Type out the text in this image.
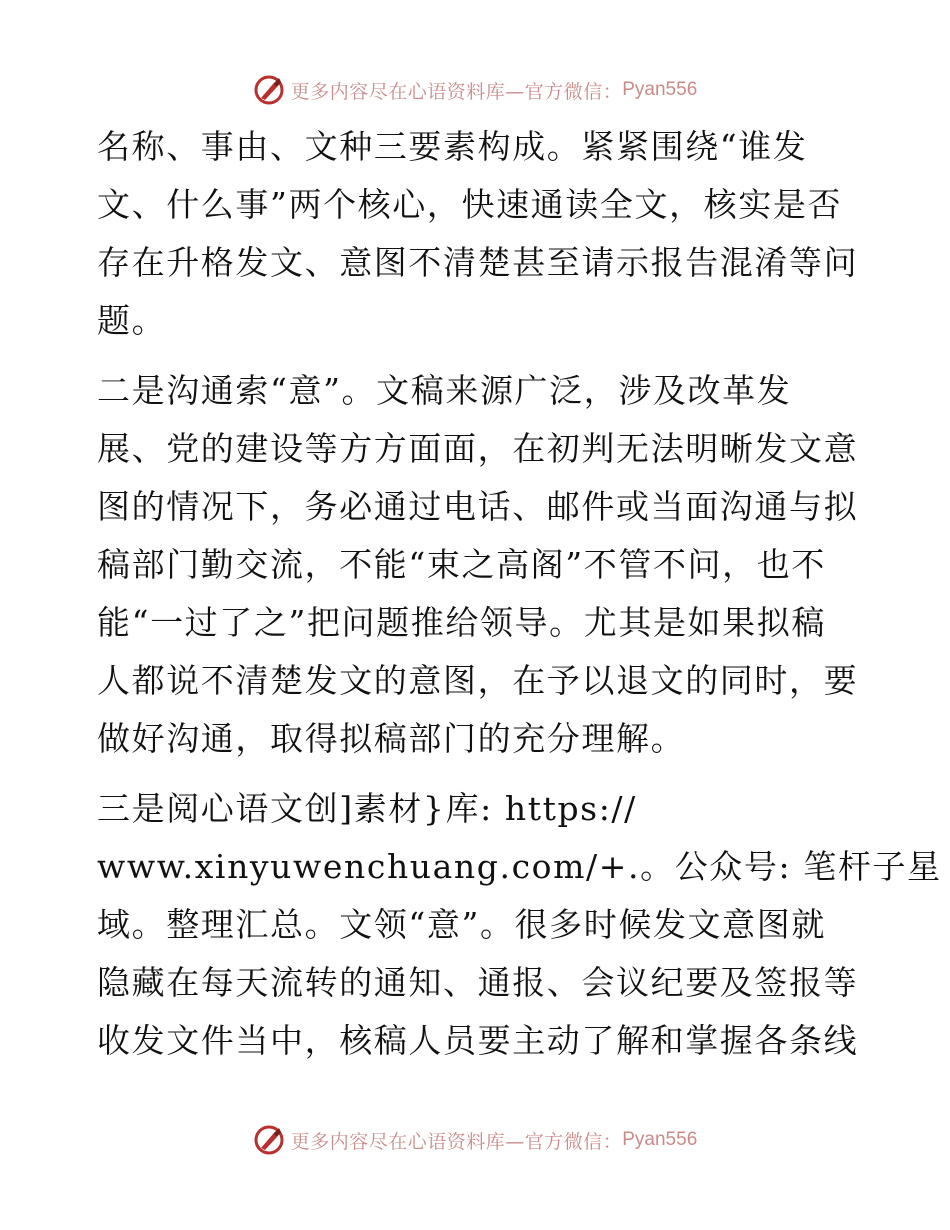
更多内容尽在心语资料库—官方微信： Pyan556
名称、事由、文种三要素构成。紧紧围绕“谁发
文、什么事”两个核心，快速通读全文，核实是否
存在升格发文、意图不清楚甚至请示报告混淆等问
题。
二是沟通索“意”。文稿来源广泛，涉及改革发
展、党的建设等方方面面，在初判无法明晰发文意
图的情况下，务必通过电话、邮件或当面沟通与拟
稿部门勤交流，不能“束之高阁”不管不问，也不
能“一过了之”把问题推给领导。尤其是如果拟稿
人都说不清楚发文的意图，在予以退文的同时，要
做好沟通，取得拟稿部门的充分理解。
三是阅心语文创]素材}库: https://
www.xinyuwenchuang.com/+.。公众号: 笔杆子星
域。整理汇总。文领“意”。很多时候发文意图就
隐藏在每天流转的通知、通报、会议纪要及签报等
收发文件当中，核稿人员要主动了解和掌握各条线
更多内容尽在心语资料库—官方微信： Pyan556
